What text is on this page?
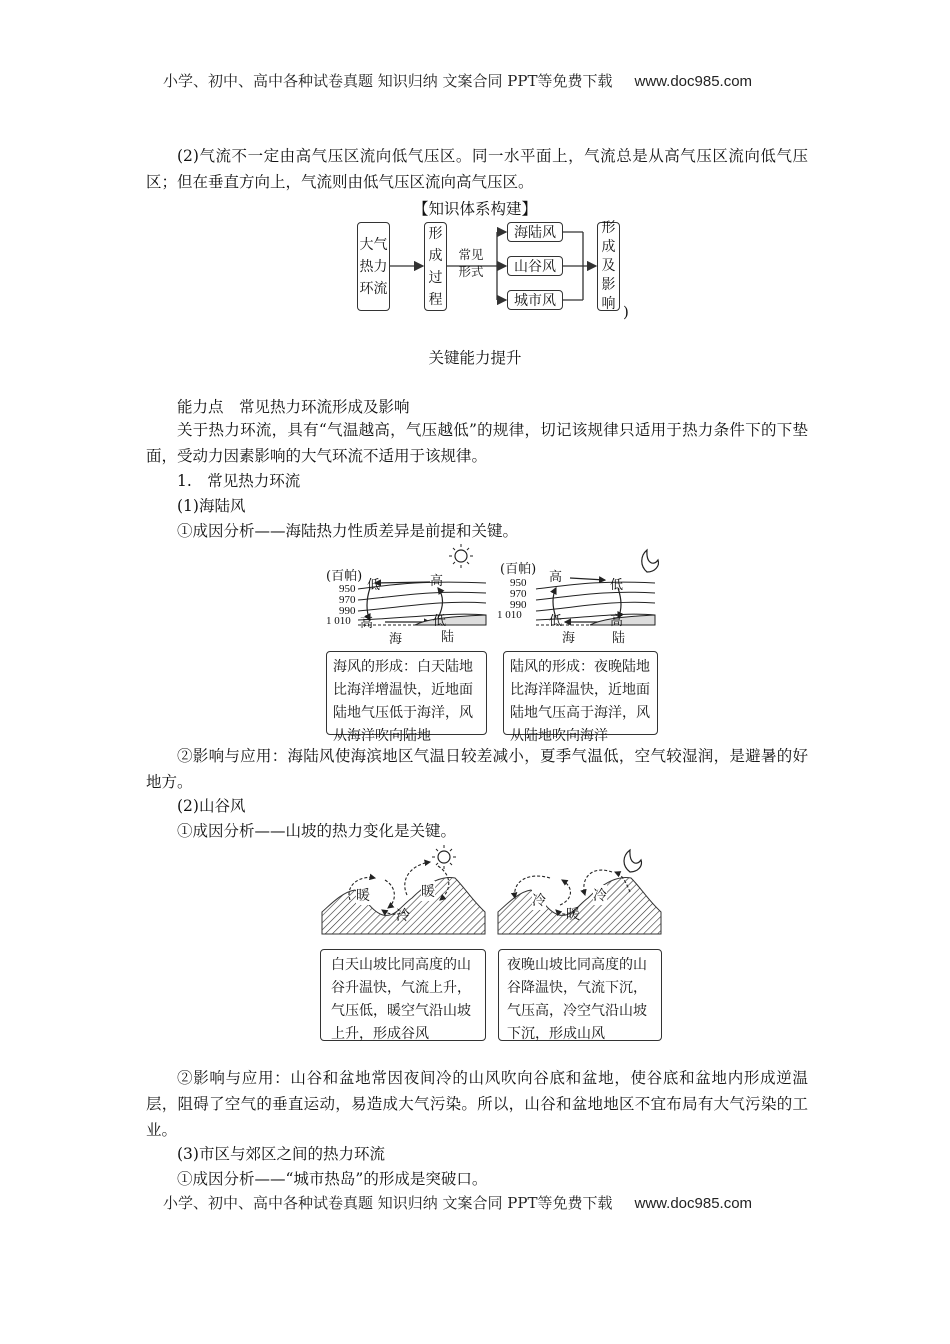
小学、初中、高中各种试卷真题 知识归纳 文案合同 PPT等免费下载 www.doc985.com

(2)气流不一定由高气压区流向低气压区。同一水平面上，气流总是从高气压区流向低气压区；但在垂直方向上，气流则由低气压区流向高气压区。

【知识体系构建】
大气热力环流
形成过程
常见形式
海陆风
山谷风
城市风
形成及影响 )
关键能力提升
能力点　常见热力环流形成及影响

关于热力环流，具有“气温越高，气压越低”的规律，切记该规律只适用于热力条件下的下垫面，受动力因素影响的大气环流不适用于该规律。

1.　常见热力环流
(1)海陆风
①成因分析——海陆热力性质差异是前提和关键。
(百帕)
950
970
990
1 010
低	高
高	低
海	陆
(百帕)
950
970
990
1 010
高
低
低	高
海	陆
海风的形成：白天陆地比海洋增温快，近地面陆地气压低于海洋，风从海洋吹向陆地
陆风的形成：夜晚陆地比海洋降温快，近地面陆地气压高于海洋，风从陆地吹向海洋

②影响与应用：海陆风使海滨地区气温日较差减小，夏季气温低，空气较湿润，是避暑的好地方。

(2)山谷风
①成因分析——山坡的热力变化是关键。
暖	暖
冷
冷	冷
暖
白天山坡比同高度的山谷升温快，气流上升，气压低，暖空气沿山坡上升，形成谷风
夜晚山坡比同高度的山谷降温快，气流下沉，气压高，冷空气沿山坡下沉，形成山风

②影响与应用：山谷和盆地常因夜间冷的山风吹向谷底和盆地，使谷底和盆地内形成逆温层，阻碍了空气的垂直运动，易造成大气污染。所以，山谷和盆地地区不宜布局有大气污染的工业。

(3)市区与郊区之间的热力环流
①成因分析——“城市热岛”的形成是突破口。
小学、初中、高中各种试卷真题 知识归纳 文案合同 PPT等免费下载 www.doc985.com
